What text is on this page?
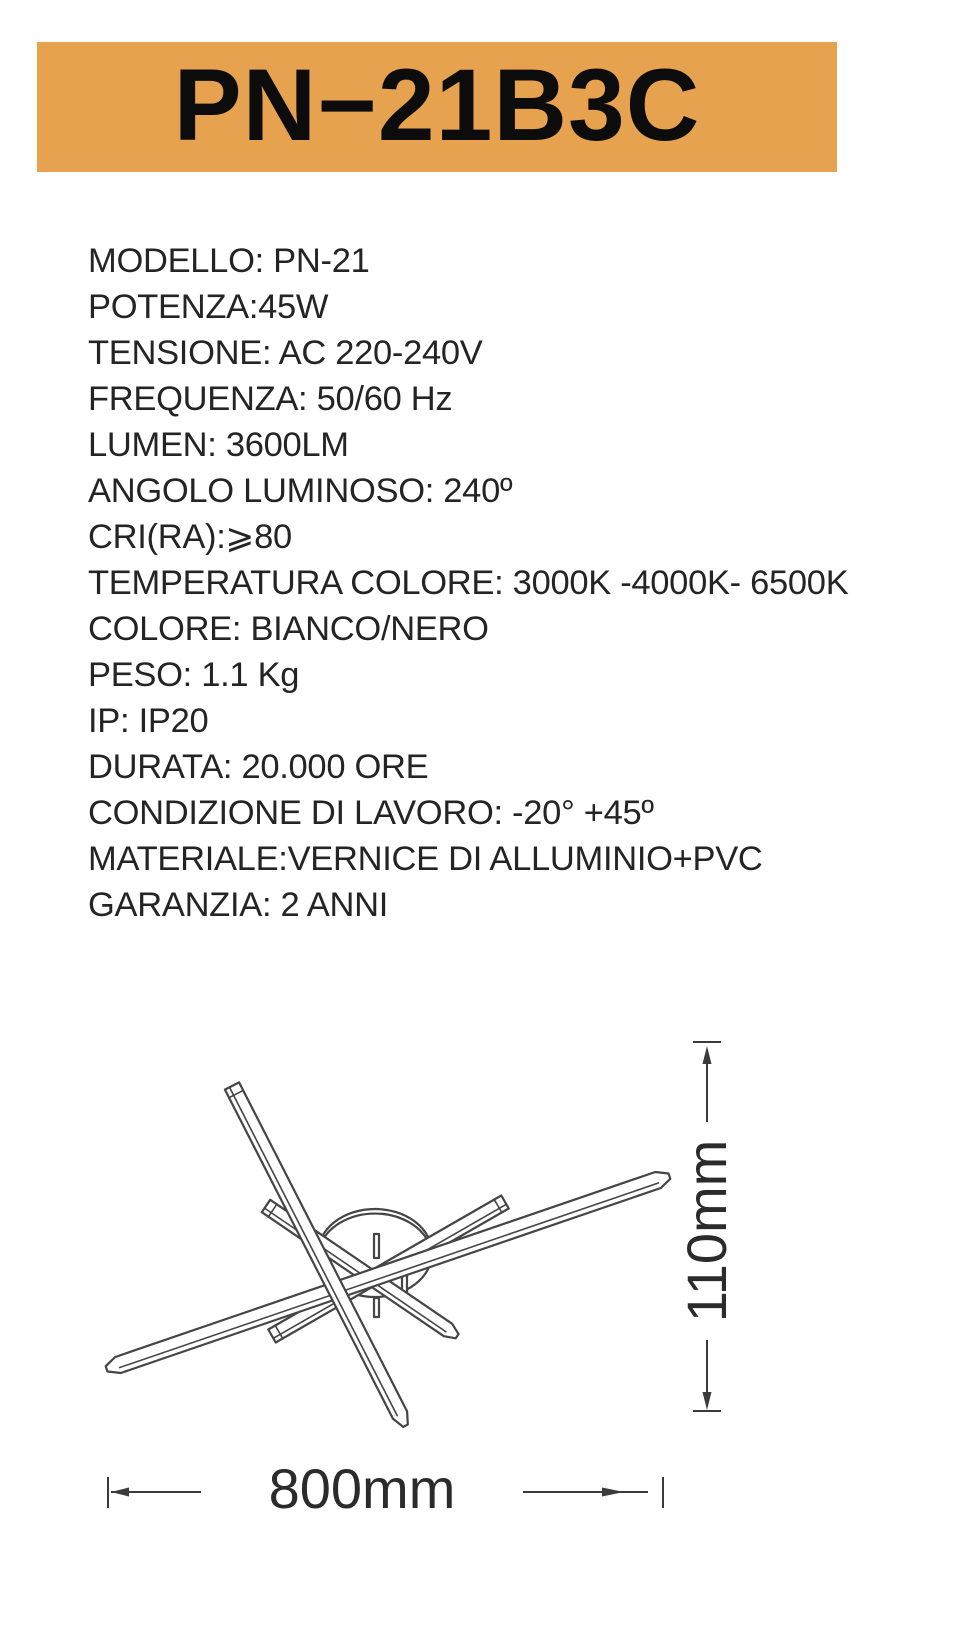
PN−21B3C
MODELLO: PN-21
POTENZA:45W
TENSIONE: AC 220-240V
FREQUENZA: 50/60 Hz
LUMEN: 3600LM
ANGOLO LUMINOSO: 240º
CRI(RA):⩾80
TEMPERATURA COLORE: 3000K -4000K- 6500K
COLORE: BIANCO/NERO
PESO: 1.1 Kg
IP: IP20
DURATA: 20.000 ORE
CONDIZIONE DI LAVORO: -20° +45º
MATERIALE:VERNICE DI ALLUMINIO+PVC
GARANZIA: 2 ANNI
110mm
800mm
